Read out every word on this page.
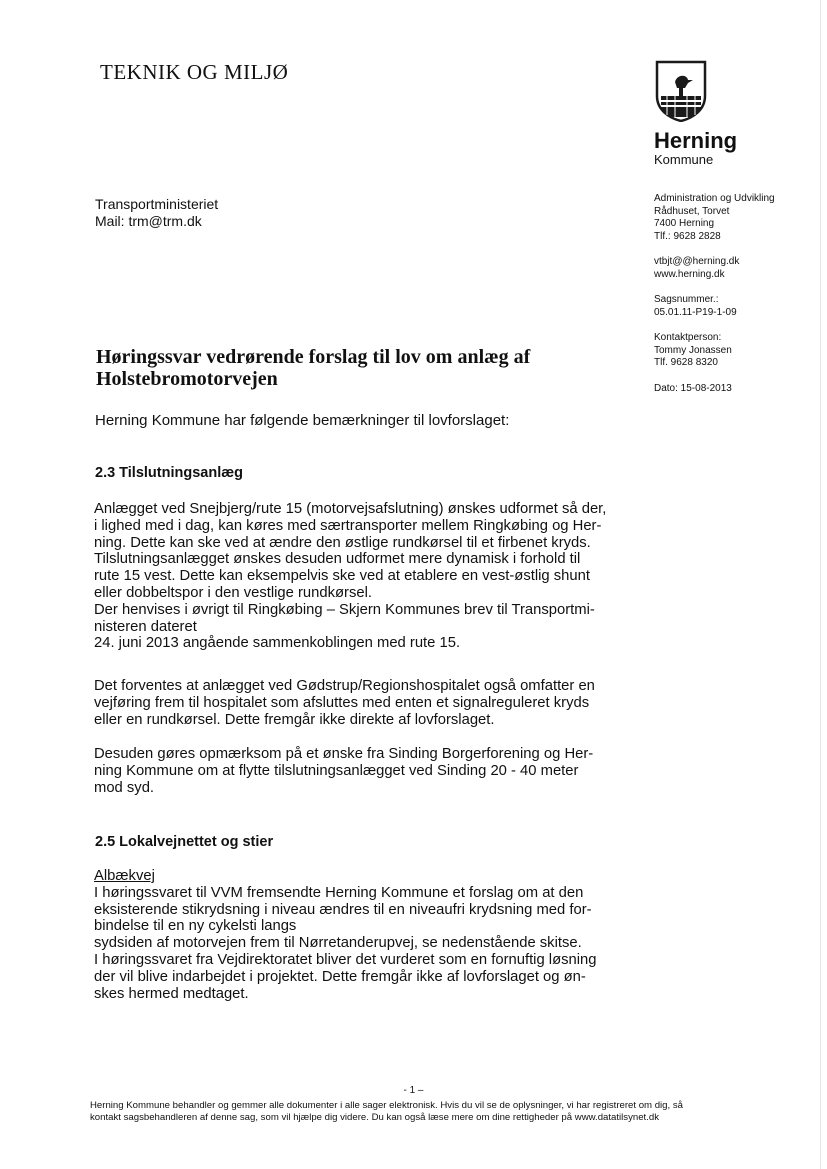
TEKNIK OG MILJØ
Herning
Kommune
Transportministeriet
Mail: trm@trm.dk
Administration og Udvikling
Rådhuset, Torvet
7400 Herning
Tlf.: 9628 2828
vtbjt@@herning.dk
www.herning.dk
Sagsnummer.:
05.01.11-P19-1-09
Kontaktperson:
Tommy Jonassen
Tlf. 9628 8320
Dato: 15-08-2013
Høringssvar vedrørende forslag til lov om anlæg af Holstebromotorvejen
Herning Kommune har følgende bemærkninger til lovforslaget:
2.3 Tilslutningsanlæg

Anlægget ved Snejbjerg/rute 15 (motorvejsafslutning) ønskes udformet så der,

i lighed med i dag, kan køres med særtransporter mellem Ringkøbing og Her-

ning. Dette kan ske ved at ændre den østlige rundkørsel til et firbenet kryds.

Tilslutningsanlægget ønskes desuden udformet mere dynamisk i forhold til

rute 15 vest. Dette kan eksempelvis ske ved at etablere en vest-østlig shunt

eller dobbeltspor i den vestlige rundkørsel.

Der henvises i øvrigt til Ringkøbing – Skjern Kommunes brev til Transportmi-

nisteren dateret

24. juni 2013 angående sammenkoblingen med rute 15.

Det forventes at anlægget ved Gødstrup/Regionshospitalet også omfatter en

vejføring frem til hospitalet som afsluttes med enten et signalreguleret kryds

eller en rundkørsel. Dette fremgår ikke direkte af lovforslaget.

Desuden gøres opmærksom på et ønske fra Sinding Borgerforening og Her-

ning Kommune om at flytte tilslutningsanlægget ved Sinding 20 - 40 meter

mod syd.

2.5 Lokalvejnettet og stier

Albækvej

I høringssvaret til VVM fremsendte Herning Kommune et forslag om at den

eksisterende stikrydsning i niveau ændres til en niveaufri krydsning med for-

bindelse til en ny cykelsti langs

sydsiden af motorvejen frem til Nørretanderupvej, se nedenstående skitse.

I høringssvaret fra Vejdirektoratet bliver det vurderet som en fornuftig løsning

der vil blive indarbejdet i projektet. Dette fremgår ikke af lovforslaget og øn-

skes hermed medtaget.

- 1 –
Herning Kommune behandler og gemmer alle dokumenter i alle sager elektronisk. Hvis du vil se de oplysninger, vi har registreret om dig, så
kontakt sagsbehandleren af denne sag, som vil hjælpe dig videre. Du kan også læse mere om dine rettigheder på www.datatilsynet.dk
